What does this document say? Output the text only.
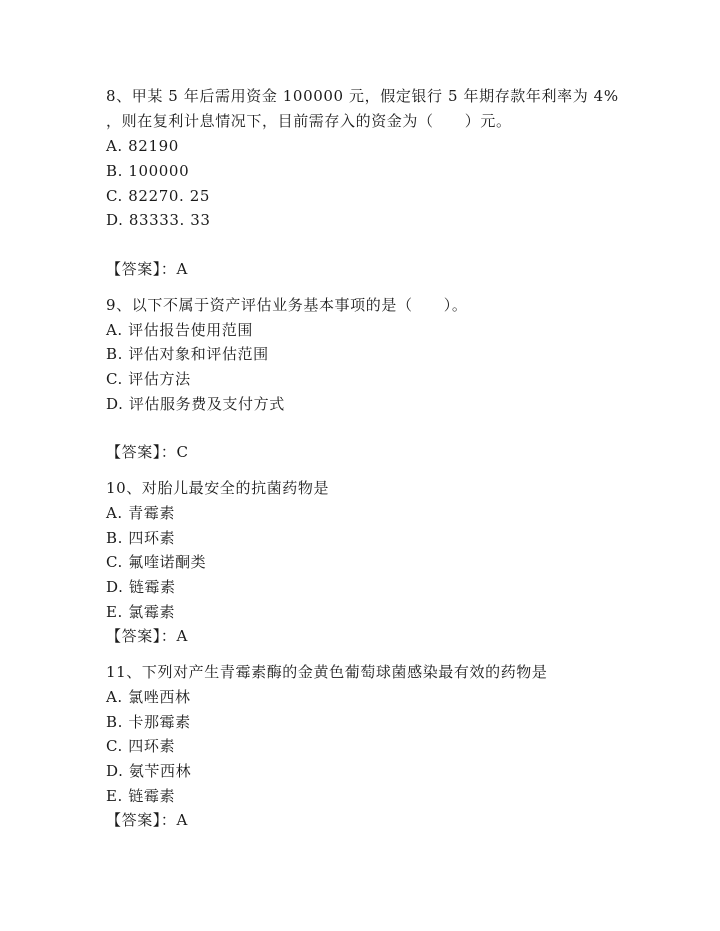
8、甲某 5 年后需用资金 100000 元，假定银行 5 年期存款年利率为 4%
，则在复利计息情况下，目前需存入的资金为（　　）元。
A. 82190
B. 100000
C. 82270. 25
D. 83333. 33
【答案】：A
9、以下不属于资产评估业务基本事项的是（　　）。
A. 评估报告使用范围
B. 评估对象和评估范围
C. 评估方法
D. 评估服务费及支付方式
【答案】：C
10、对胎儿最安全的抗菌药物是
A. 青霉素
B. 四环素
C. 氟喹诺酮类
D. 链霉素
E. 氯霉素
【答案】：A
11、下列对产生青霉素酶的金黄色葡萄球菌感染最有效的药物是
A. 氯唑西林
B. 卡那霉素
C. 四环素
D. 氨苄西林
E. 链霉素
【答案】：A
